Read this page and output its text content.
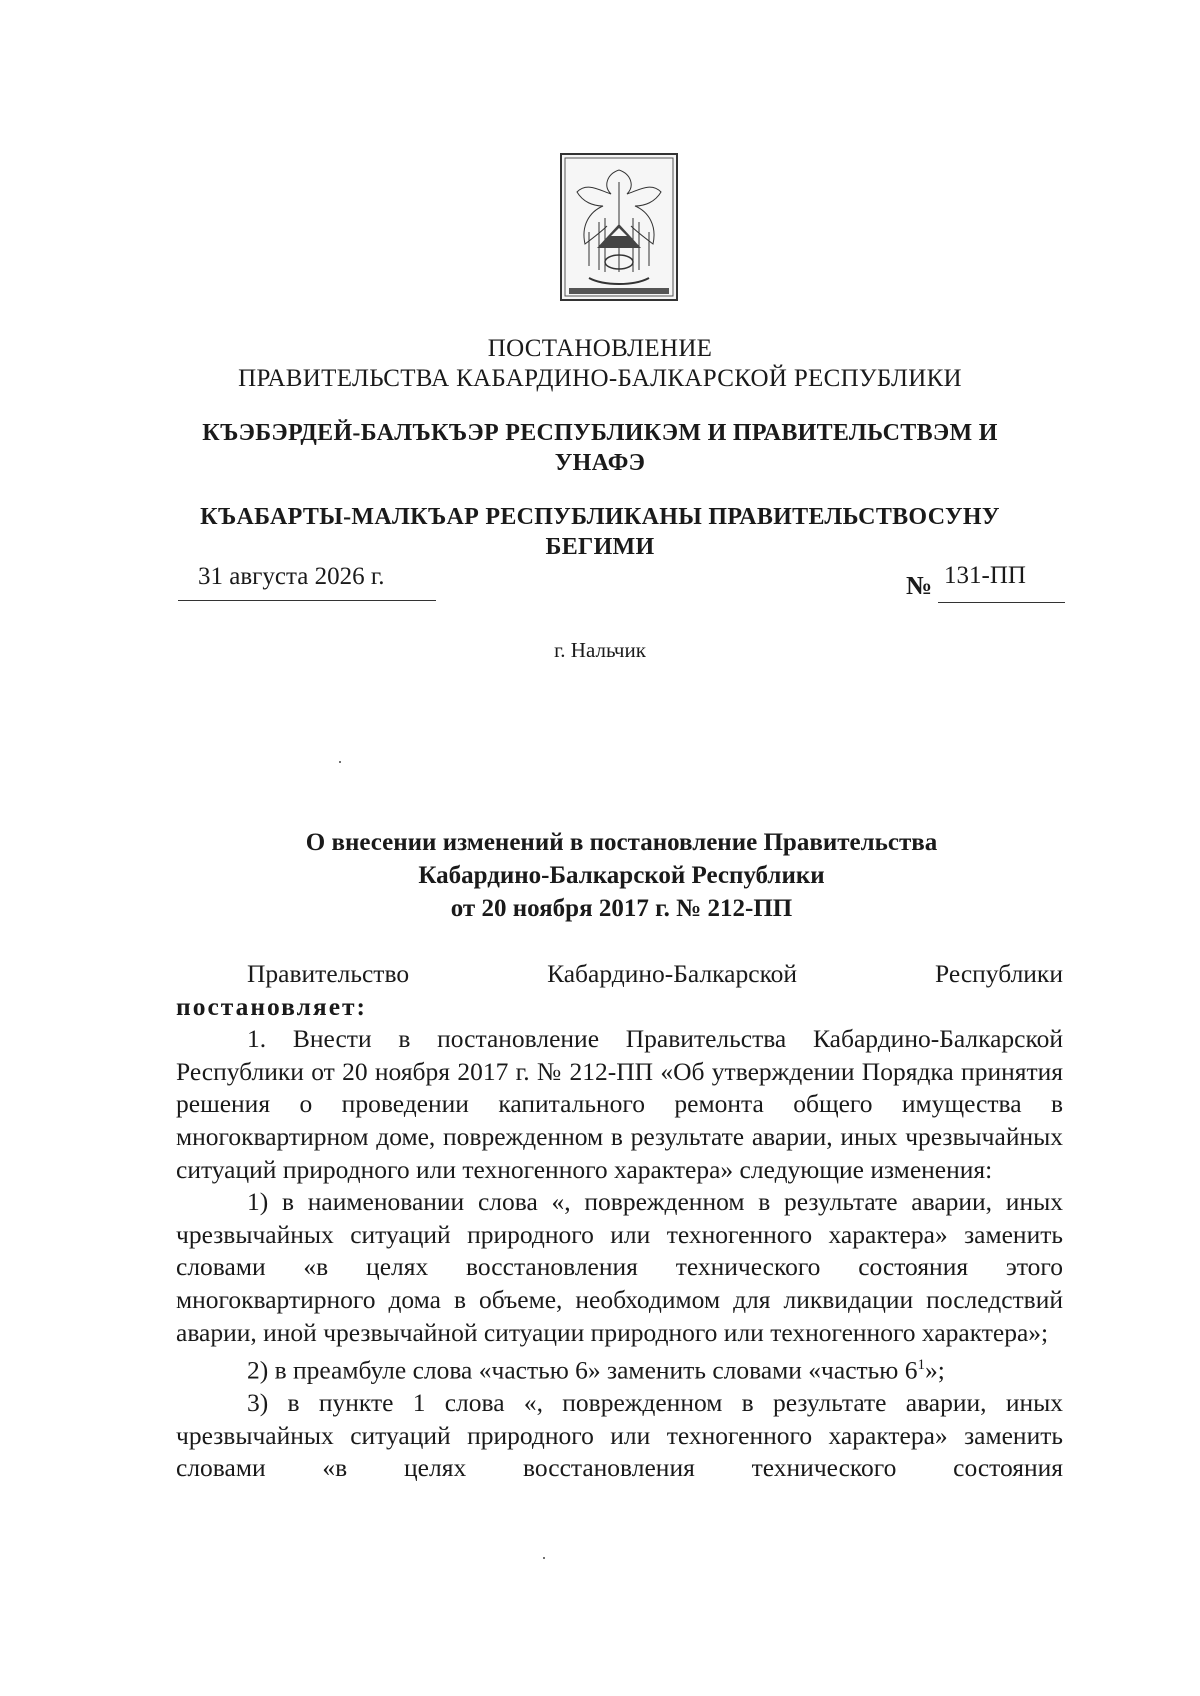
ПОСТАНОВЛЕНИЕ
ПРАВИТЕЛЬСТВА КАБАРДИНО-БАЛКАРСКОЙ РЕСПУБЛИКИ
КЪЭБЭРДЕЙ-БАЛЪКЪЭР РЕСПУБЛИКЭМ И ПРАВИТЕЛЬСТВЭМ И
УНАФЭ
КЪАБАРТЫ-МАЛКЪАР РЕСПУБЛИКАНЫ ПРАВИТЕЛЬСТВОСУНУ
БЕГИМИ
31 августа 2026 г.	№ 131-ПП
г. Нальчик
О внесении изменений в постановление Правительства
Кабардино-Балкарской Республики
от 20 ноября 2017 г. № 212-ПП
Правительство	Кабардино-Балкарской	Республики

постановляет:

1. Внести в постановление Правительства Кабардино-Балкарской Республики от 20 ноября 2017 г. № 212-ПП «Об утверждении Порядка принятия решения о проведении капитального ремонта общего имущества в многоквартирном доме, поврежденном в результате аварии, иных чрезвычайных ситуаций природного или техногенного характера» следующие изменения:

1) в наименовании слова «, поврежденном в результате аварии, иных чрезвычайных ситуаций природного или техногенного характера» заменить словами «в целях восстановления технического состояния этого многоквартирного дома в объеме, необходимом для ликвидации последствий аварии, иной чрезвычайной ситуации природного или техногенного характера»;

2) в преамбуле слова «частью 6» заменить словами «частью $6^1$»;

3) в пункте 1 слова «, поврежденном в результате аварии, иных чрезвычайных ситуаций природного или техногенного характера» заменить словами «в целях восстановления технического состояния
